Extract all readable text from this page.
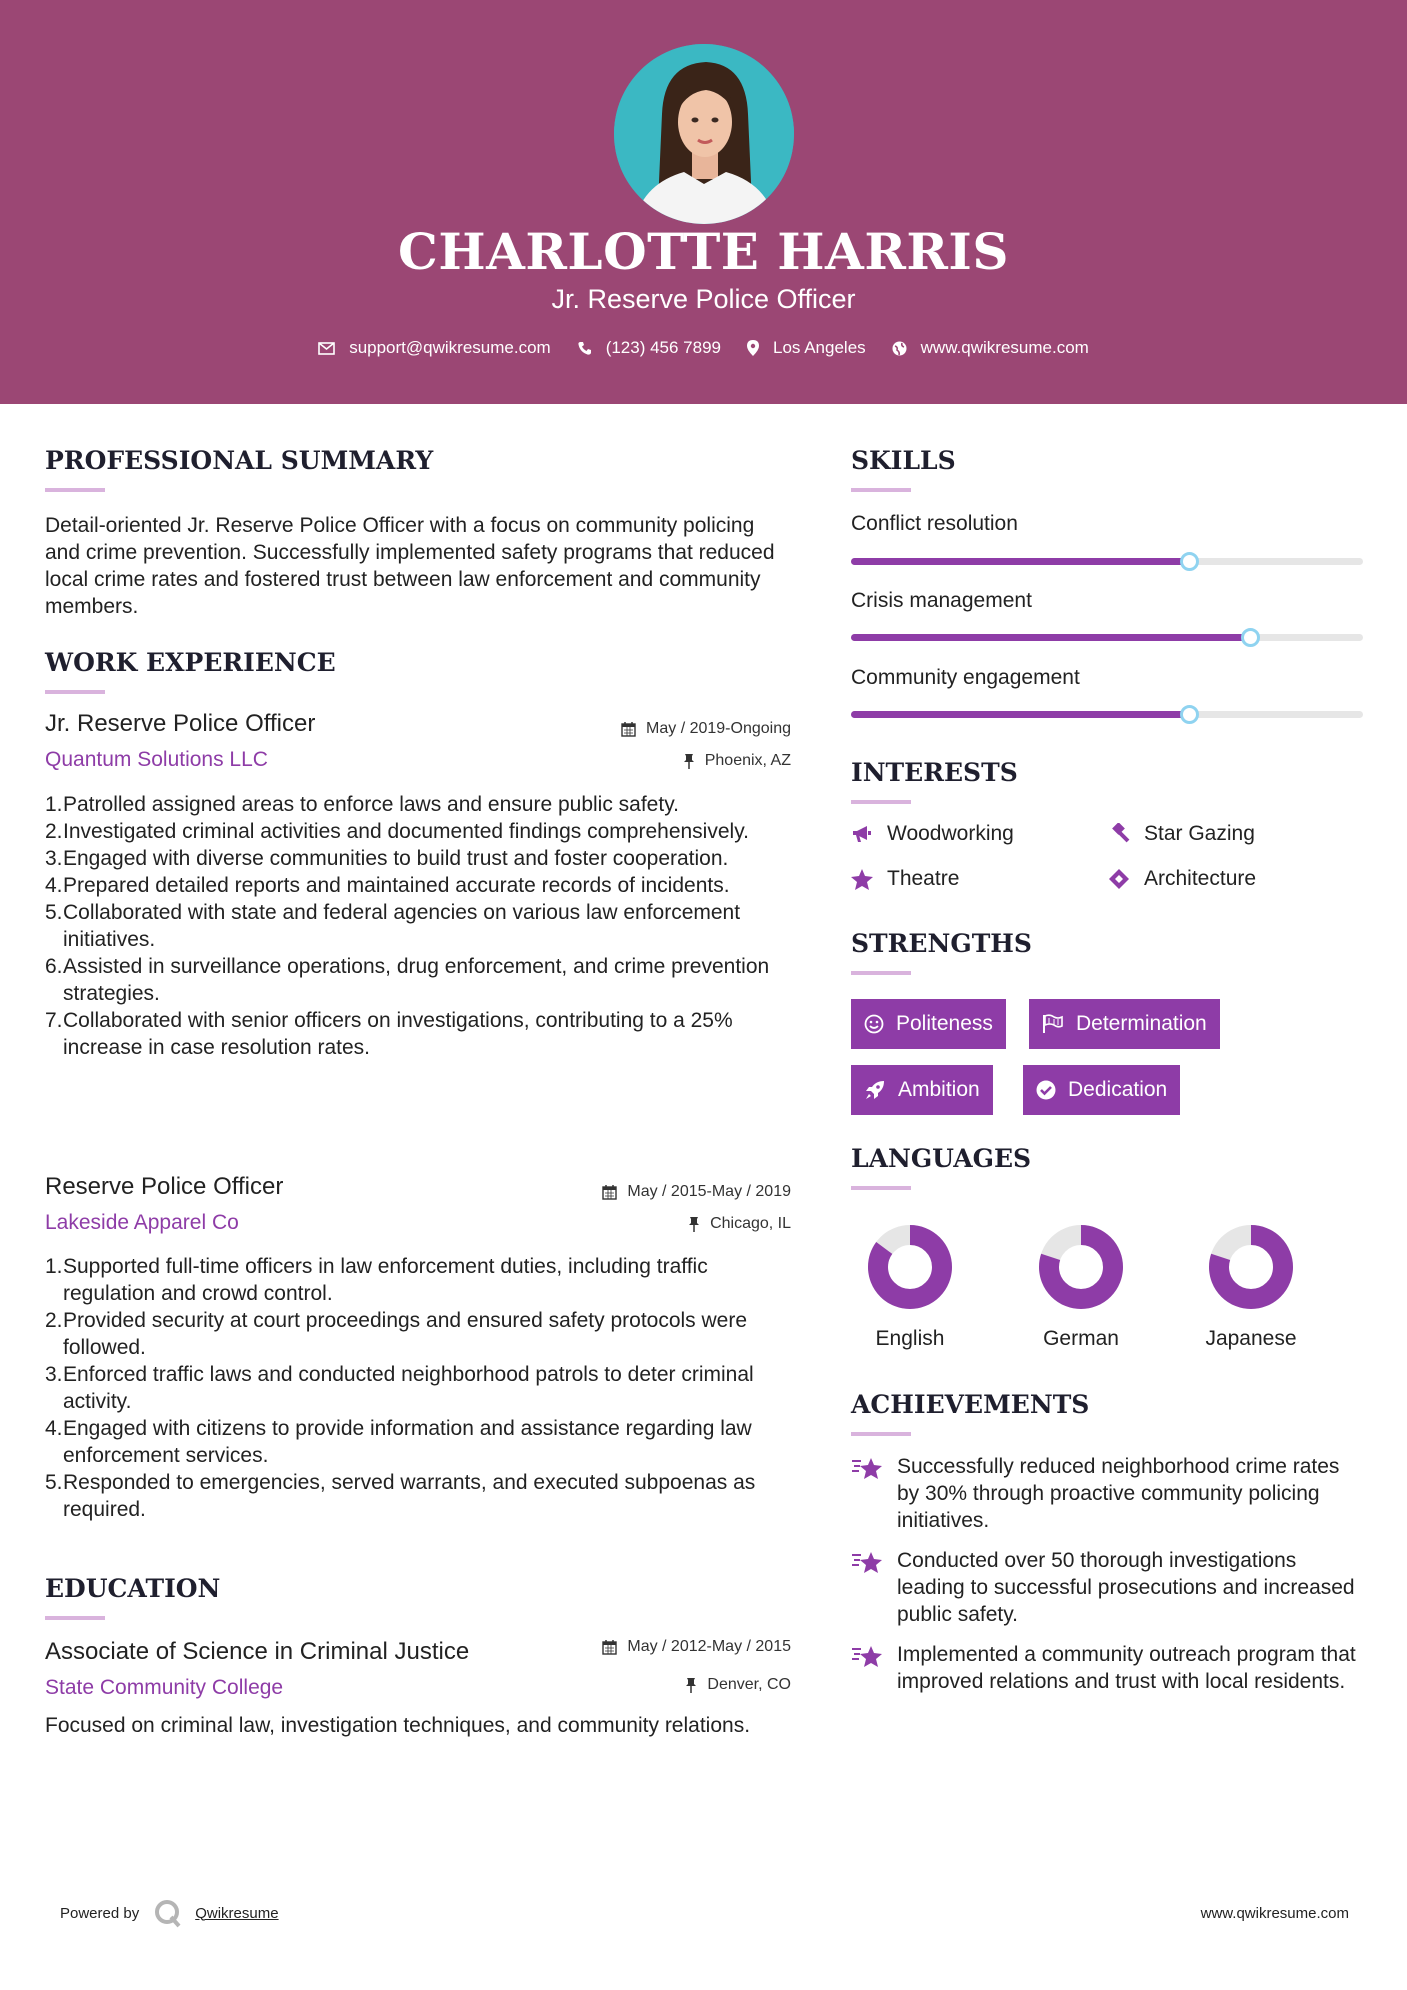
CHARLOTTE HARRIS
Jr. Reserve Police Officer
support@qwikresume.com	(123) 456 7899	Los Angeles	www.qwikresume.com
PROFESSIONAL SUMMARY
Detail-oriented Jr. Reserve Police Officer with a focus on community policing and crime prevention. Successfully implemented safety programs that reduced local crime rates and fostered trust between law enforcement and community members.
WORK EXPERIENCE
Jr. Reserve Police Officer	May / 2019-Ongoing
Quantum Solutions LLC	Phoenix, AZ
1. Patrolled assigned areas to enforce laws and ensure public safety.
2. Investigated criminal activities and documented findings comprehensively.
3. Engaged with diverse communities to build trust and foster cooperation.
4. Prepared detailed reports and maintained accurate records of incidents.
5. Collaborated with state and federal agencies on various law enforcement initiatives.
6. Assisted in surveillance operations, drug enforcement, and crime prevention strategies.
7. Collaborated with senior officers on investigations, contributing to a 25% increase in case resolution rates.
Reserve Police Officer	May / 2015-May / 2019
Lakeside Apparel Co	Chicago, IL
1. Supported full-time officers in law enforcement duties, including traffic regulation and crowd control.
2. Provided security at court proceedings and ensured safety protocols were followed.
3. Enforced traffic laws and conducted neighborhood patrols to deter criminal activity.
4. Engaged with citizens to provide information and assistance regarding law enforcement services.
5. Responded to emergencies, served warrants, and executed subpoenas as required.
EDUCATION
Associate of Science in Criminal Justice	May / 2012-May / 2015
State Community College	Denver, CO
Focused on criminal law, investigation techniques, and community relations.
SKILLS
Conflict resolution
Crisis management
Community engagement
INTERESTS
Woodworking	Star Gazing
Theatre	Architecture
STRENGTHS
Politeness	Determination
Ambition	Dedication
LANGUAGES
English	German	Japanese
ACHIEVEMENTS
Successfully reduced neighborhood crime rates by 30% through proactive community policing initiatives.
Conducted over 50 thorough investigations leading to successful prosecutions and increased public safety.
Implemented a community outreach program that improved relations and trust with local residents.
Powered by	Qwikresume	www.qwikresume.com
